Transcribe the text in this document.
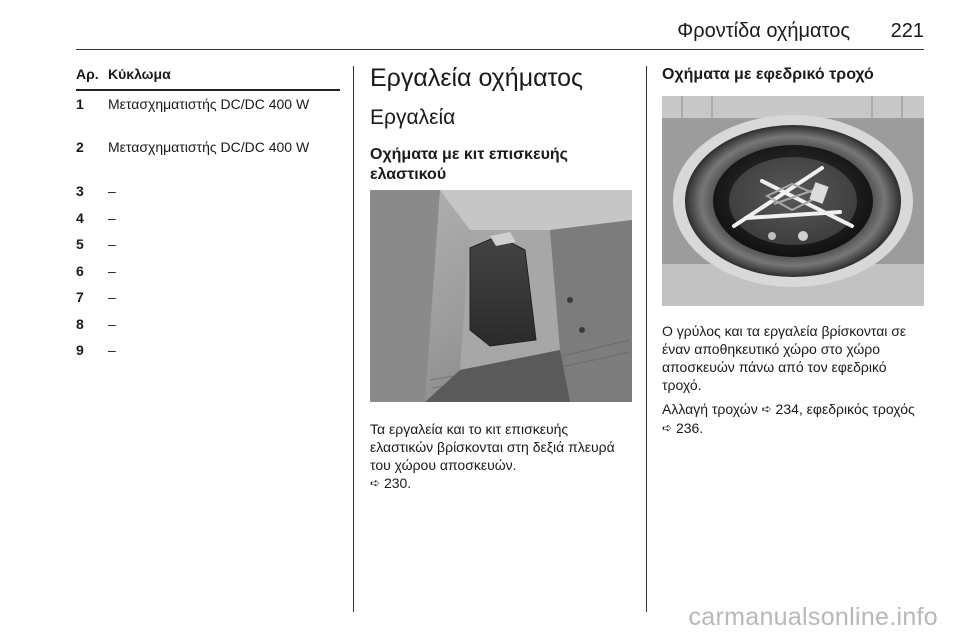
Φροντίδα οχήματος	221
Αρ. Κύκλωμα
1 Μετασχηματιστής DC/DC 400 W
2 Μετασχηματιστής DC/DC 400 W
3 –
4 –
5 –
6 –
7 –
8 –
9 –
Εργαλεία οχήματος
Εργαλεία
Οχήματα με κιτ επισκευής ελαστικού
Τα εργαλεία και το κιτ επισκευής ελαστικών βρίσκονται στη δεξιά πλευρά του χώρου αποσκευών.
➪ 230.
Οχήματα με εφεδρικό τροχό
Ο γρύλος και τα εργαλεία βρίσκονται σε έναν αποθηκευτικό χώρο στο χώρο αποσκευών πάνω από τον εφεδρικό τροχό.
Αλλαγή τροχών ➪ 234, εφεδρικός τροχός ➪ 236.
carmanualsonline.info
